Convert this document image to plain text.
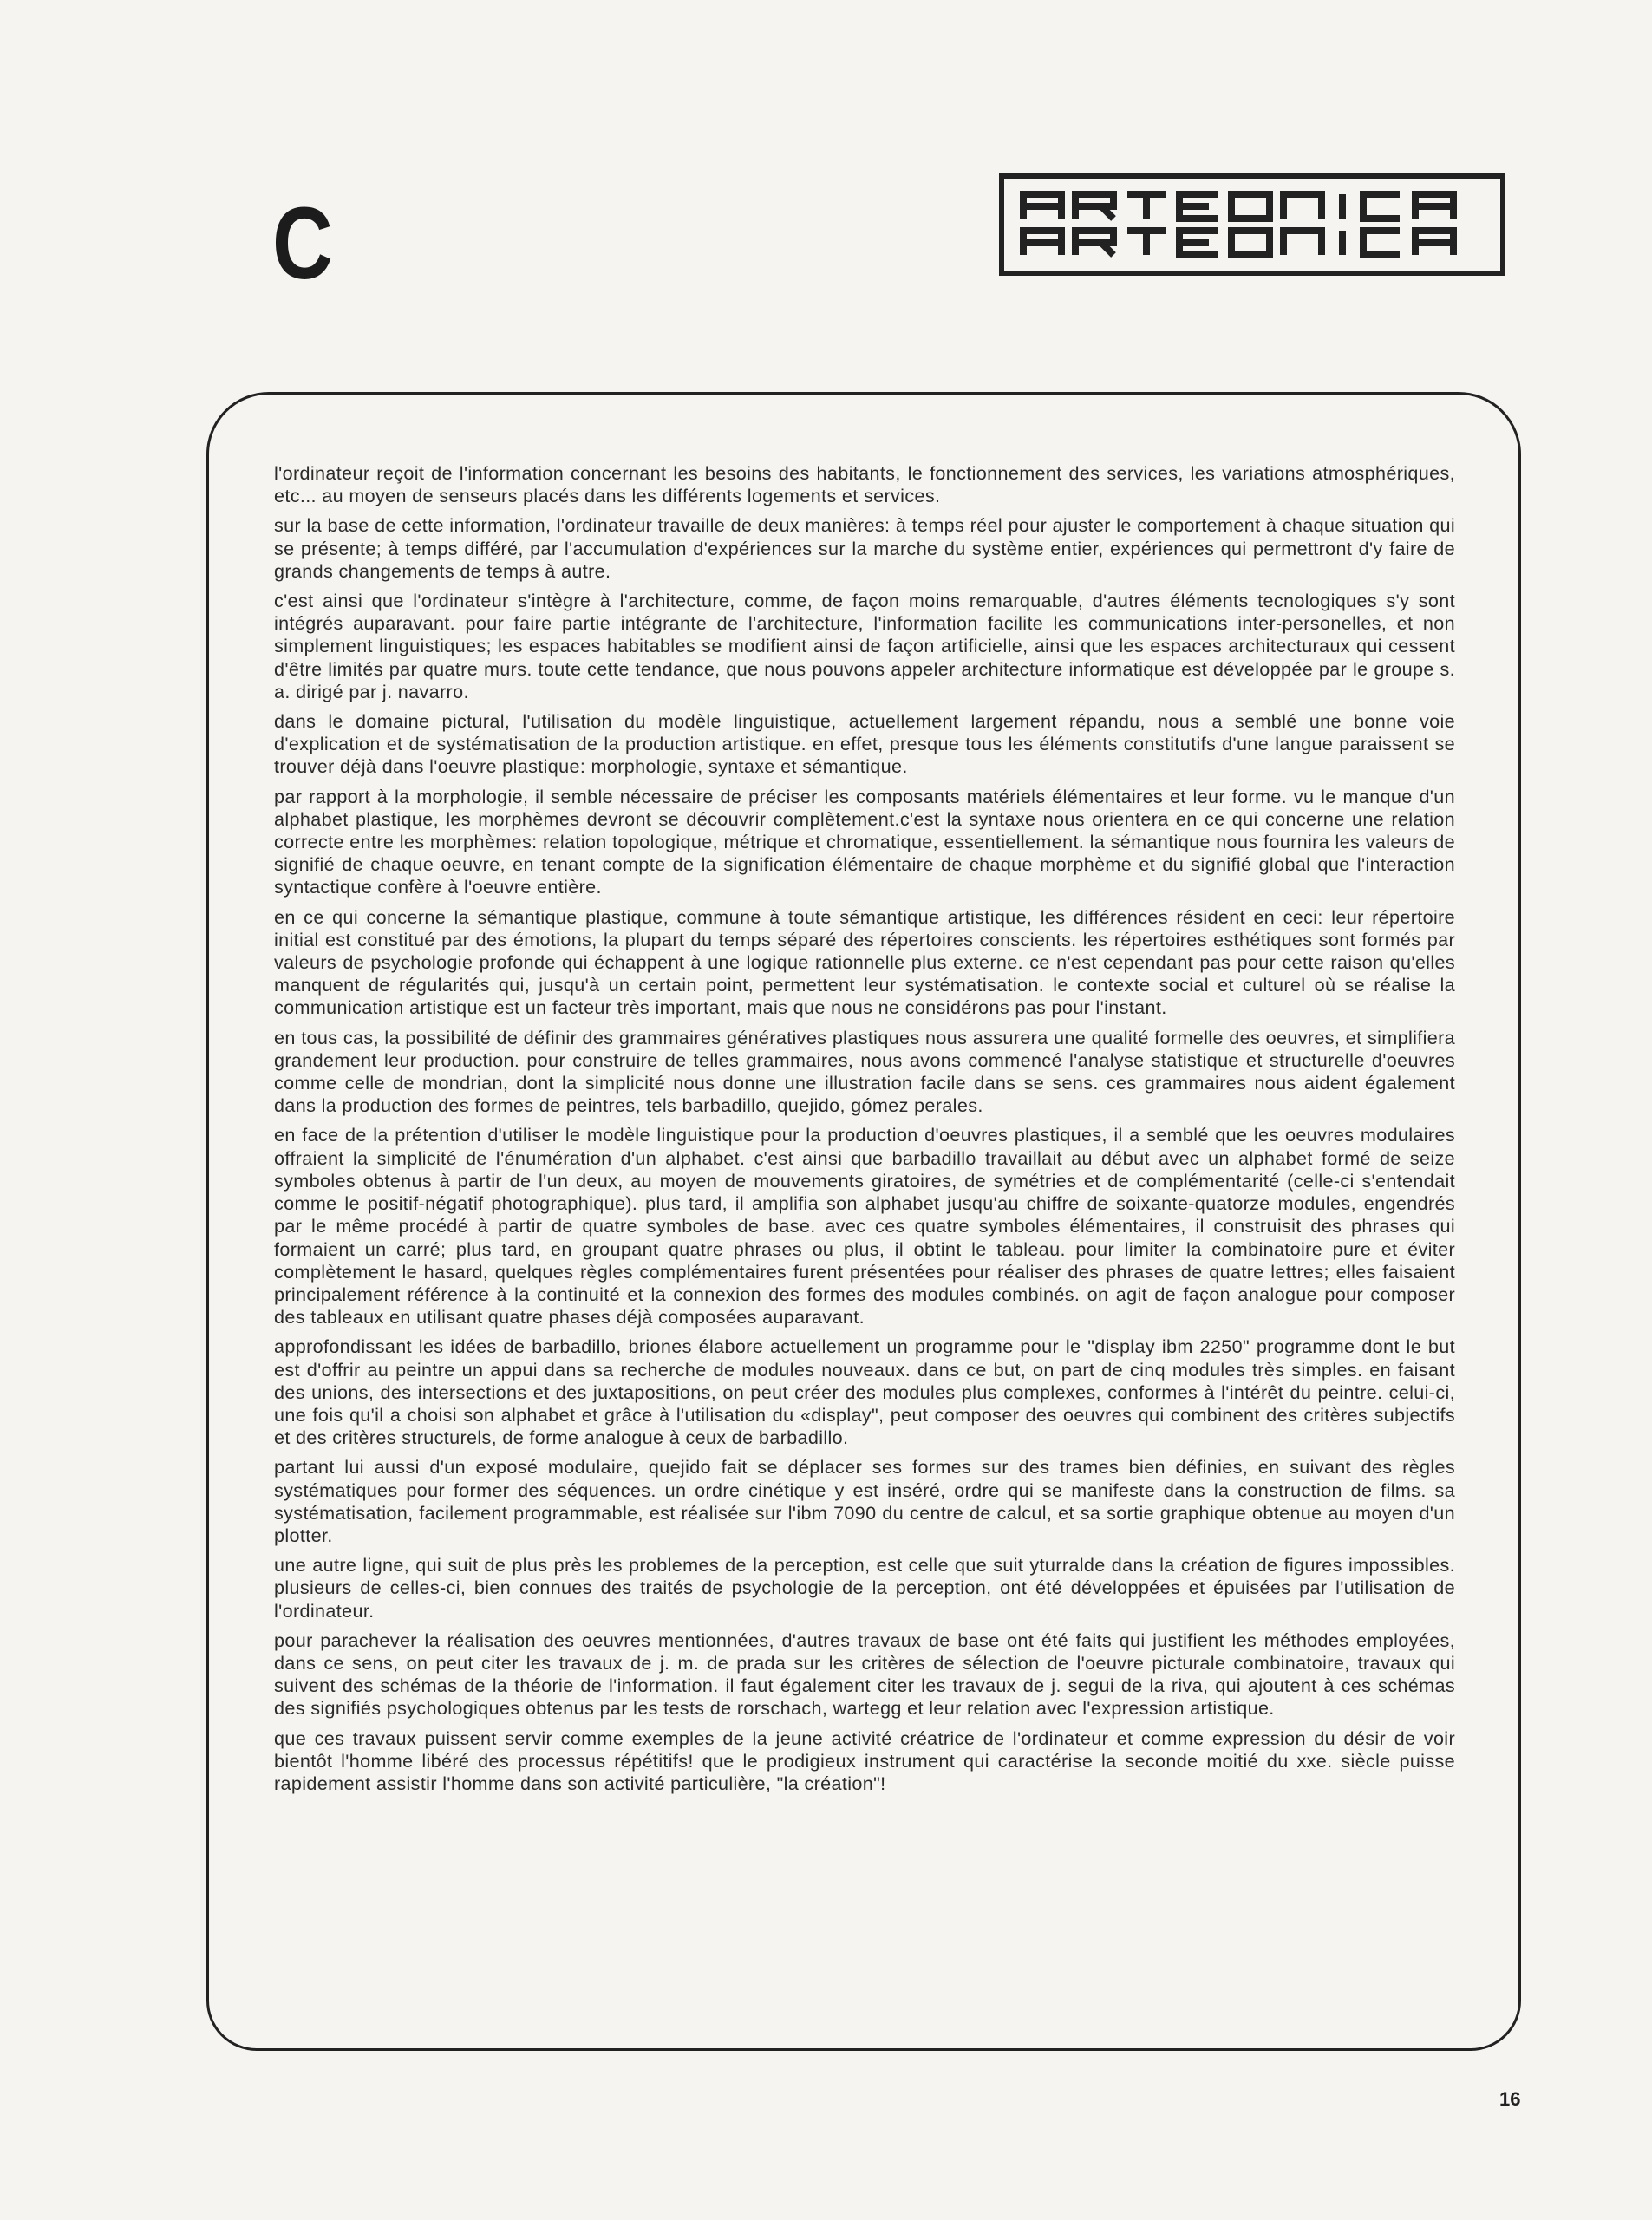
C

l'ordinateur reçoit de l'information concernant les besoins des habitants, le fonctionnement des services, les variations atmosphériques, etc... au moyen de senseurs placés dans les différents logements et services.

sur la base de cette information, l'ordinateur travaille de deux manières: à temps réel pour ajuster le comportement à chaque situation qui se présente; à temps différé, par l'accumulation d'expériences sur la marche du système entier, expériences qui permettront d'y faire de grands changements de temps à autre.

c'est ainsi que l'ordinateur s'intègre à l'architecture, comme, de façon moins remarquable, d'autres éléments tecnologiques s'y sont intégrés auparavant. pour faire partie intégrante de l'architecture, l'information facilite les communications inter-personelles, et non simplement linguistiques; les espaces habitables se modifient ainsi de façon artificielle, ainsi que les espaces architecturaux qui cessent d'être limités par quatre murs. toute cette tendance, que nous pouvons appeler architecture informatique est développée par le groupe s. a. dirigé par j. navarro.

dans le domaine pictural, l'utilisation du modèle linguistique, actuellement largement répandu, nous a semblé une bonne voie d'explication et de systématisation de la production artistique. en effet, presque tous les éléments constitutifs d'une langue paraissent se trouver déjà dans l'oeuvre plastique: morphologie, syntaxe et sémantique.

par rapport à la morphologie, il semble nécessaire de préciser les composants matériels élémentaires et leur forme. vu le manque d'un alphabet plastique, les morphèmes devront se découvrir complètement.c'est la syntaxe nous orientera en ce qui concerne une relation correcte entre les morphèmes: relation topologique, métrique et chromatique, essentiellement. la sémantique nous fournira les valeurs de signifié de chaque oeuvre, en tenant compte de la signification élémentaire de chaque morphème et du signifié global que l'interaction syntactique confère à l'oeuvre entière.

en ce qui concerne la sémantique plastique, commune à toute sémantique artistique, les différences résident en ceci: leur répertoire initial est constitué par des émotions, la plupart du temps séparé des répertoires conscients. les répertoires esthétiques sont formés par valeurs de psychologie profonde qui échappent à une logique rationnelle plus externe. ce n'est cependant pas pour cette raison qu'elles manquent de régularités qui, jusqu'à un certain point, permettent leur systématisation. le contexte social et culturel où se réalise la communication artistique est un facteur très important, mais que nous ne considérons pas pour l'instant.

en tous cas, la possibilité de définir des grammaires génératives plastiques nous assurera une qualité formelle des oeuvres, et simplifiera grandement leur production. pour construire de telles grammaires, nous avons commencé l'analyse statistique et structurelle d'oeuvres comme celle de mondrian, dont la simplicité nous donne une illustration facile dans se sens. ces grammaires nous aident également dans la production des formes de peintres, tels barbadillo, quejido, gómez perales.

en face de la prétention d'utiliser le modèle linguistique pour la production d'oeuvres plastiques, il a semblé que les oeuvres modulaires offraient la simplicité de l'énumération d'un alphabet. c'est ainsi que barbadillo travaillait au début avec un alphabet formé de seize symboles obtenus à partir de l'un deux, au moyen de mouvements giratoires, de symétries et de complémentarité (celle-ci s'entendait comme le positif-négatif photographique). plus tard, il amplifia son alphabet jusqu'au chiffre de soixante-quatorze modules, engendrés par le même procédé à partir de quatre symboles de base. avec ces quatre symboles élémentaires, il construisit des phrases qui formaient un carré; plus tard, en groupant quatre phrases ou plus, il obtint le tableau. pour limiter la combinatoire pure et éviter complètement le hasard, quelques règles complémentaires furent présentées pour réaliser des phrases de quatre lettres; elles faisaient principalement référence à la continuité et la connexion des formes des modules combinés. on agit de façon analogue pour composer des tableaux en utilisant quatre phases déjà composées auparavant.

approfondissant les idées de barbadillo, briones élabore actuellement un programme pour le "display ibm 2250" programme dont le but est d'offrir au peintre un appui dans sa recherche de modules nouveaux. dans ce but, on part de cinq modules très simples. en faisant des unions, des intersections et des juxtapositions, on peut créer des modules plus complexes, conformes à l'intérêt du peintre. celui-ci, une fois qu'il a choisi son alphabet et grâce à l'utilisation du «display", peut composer des oeuvres qui combinent des critères subjectifs et des critères structurels, de forme analogue à ceux de barbadillo.

partant lui aussi d'un exposé modulaire, quejido fait se déplacer ses formes sur des trames bien définies, en suivant des règles systématiques pour former des séquences. un ordre cinétique y est inséré, ordre qui se manifeste dans la construction de films. sa systématisation, facilement programmable, est réalisée sur l'ibm 7090 du centre de calcul, et sa sortie graphique obtenue au moyen d'un plotter.

une autre ligne, qui suit de plus près les problemes de la perception, est celle que suit yturralde dans la création de figures impossibles. plusieurs de celles-ci, bien connues des traités de psychologie de la perception, ont été développées et épuisées par l'utilisation de l'ordinateur.

pour parachever la réalisation des oeuvres mentionnées, d'autres travaux de base ont été faits qui justifient les méthodes employées, dans ce sens, on peut citer les travaux de j. m. de prada sur les critères de sélection de l'oeuvre picturale combinatoire, travaux qui suivent des schémas de la théorie de l'information. il faut également citer les travaux de j. segui de la riva, qui ajoutent à ces schémas des signifiés psychologiques obtenus par les tests de rorschach, wartegg et leur relation avec l'expression artistique.

que ces travaux puissent servir comme exemples de la jeune activité créatrice de l'ordinateur et comme expression du désir de voir bientôt l'homme libéré des processus répétitifs! que le prodigieux instrument qui caractérise la seconde moitié du xxe. siècle puisse rapidement assistir l'homme dans son activité particulière, "la création"!

16
